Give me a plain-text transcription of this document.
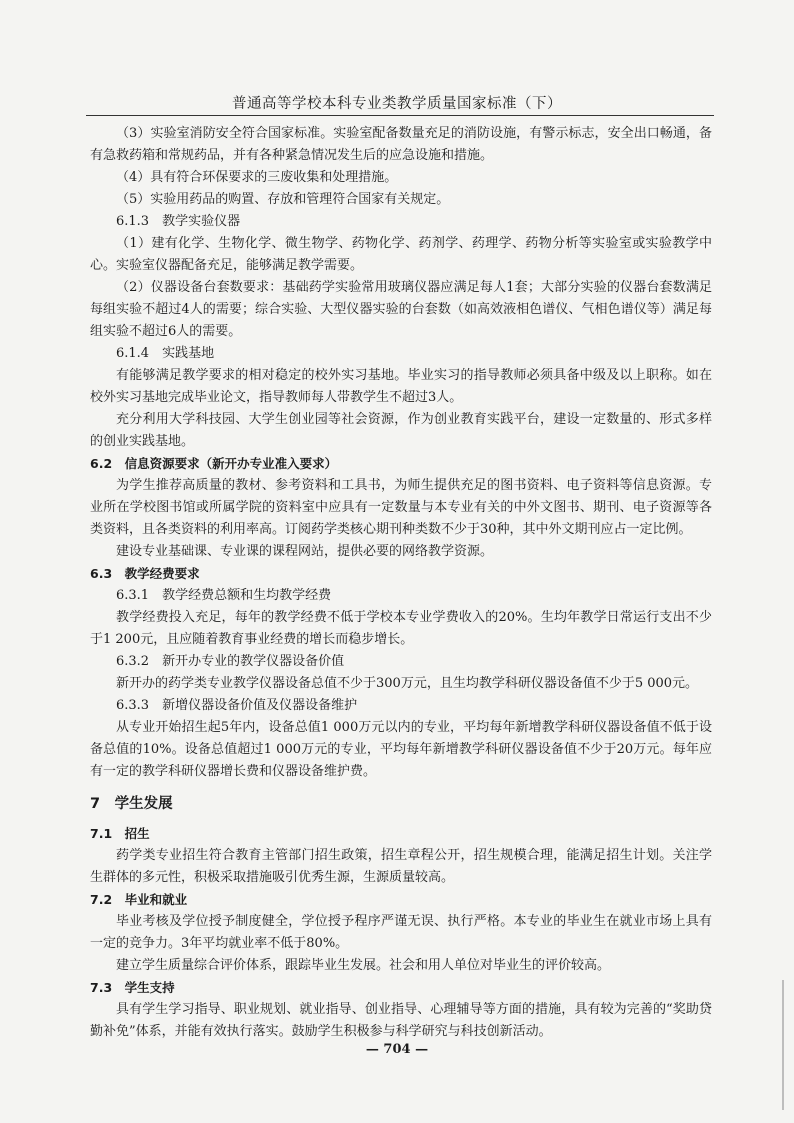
普通高等学校本科专业类教学质量国家标准（下）

（3）实验室消防安全符合国家标准。实验室配备数量充足的消防设施，有警示标志，安全出口畅通，备有急救药箱和常规药品，并有各种紧急情况发生后的应急设施和措施。

（4）具有符合环保要求的三废收集和处理措施。

（5）实验用药品的购置、存放和管理符合国家有关规定。

6.1.3　教学实验仪器

（1）建有化学、生物化学、微生物学、药物化学、药剂学、药理学、药物分析等实验室或实验教学中心。实验室仪器配备充足，能够满足教学需要。

（2）仪器设备台套数要求：基础药学实验常用玻璃仪器应满足每人1套；大部分实验的仪器台套数满足每组实验不超过4人的需要；综合实验、大型仪器实验的台套数（如高效液相色谱仪、气相色谱仪等）满足每组实验不超过6人的需要。

6.1.4　实践基地

有能够满足教学要求的相对稳定的校外实习基地。毕业实习的指导教师必须具备中级及以上职称。如在校外实习基地完成毕业论文，指导教师每人带教学生不超过3人。

充分利用大学科技园、大学生创业园等社会资源，作为创业教育实践平台，建设一定数量的、形式多样的创业实践基地。

6.2　信息资源要求（新开办专业准入要求）

为学生推荐高质量的教材、参考资料和工具书，为师生提供充足的图书资料、电子资料等信息资源。专业所在学校图书馆或所属学院的资料室中应具有一定数量与本专业有关的中外文图书、期刊、电子资源等各类资料，且各类资料的利用率高。订阅药学类核心期刊种类数不少于30种，其中外文期刊应占一定比例。

建设专业基础课、专业课的课程网站，提供必要的网络教学资源。

6.3　教学经费要求

6.3.1　教学经费总额和生均教学经费

教学经费投入充足，每年的教学经费不低于学校本专业学费收入的20%。生均年教学日常运行支出不少于1 200元，且应随着教育事业经费的增长而稳步增长。

6.3.2　新开办专业的教学仪器设备价值

新开办的药学类专业教学仪器设备总值不少于300万元，且生均教学科研仪器设备值不少于5 000元。

6.3.3　新增仪器设备价值及仪器设备维护

从专业开始招生起5年内，设备总值1 000万元以内的专业，平均每年新增教学科研仪器设备值不低于设备总值的10%。设备总值超过1 000万元的专业，平均每年新增教学科研仪器设备值不少于20万元。每年应有一定的教学科研仪器增长费和仪器设备维护费。

7　学生发展

7.1　招生

药学类专业招生符合教育主管部门招生政策，招生章程公开，招生规模合理，能满足招生计划。关注学生群体的多元性，积极采取措施吸引优秀生源，生源质量较高。

7.2　毕业和就业

毕业考核及学位授予制度健全，学位授予程序严谨无误、执行严格。本专业的毕业生在就业市场上具有一定的竞争力。3年平均就业率不低于80%。

建立学生质量综合评价体系，跟踪毕业生发展。社会和用人单位对毕业生的评价较高。

7.3　学生支持

具有学生学习指导、职业规划、就业指导、创业指导、心理辅导等方面的措施，具有较为完善的“奖助贷勤补免”体系，并能有效执行落实。鼓励学生积极参与科学研究与科技创新活动。

— 704 —
